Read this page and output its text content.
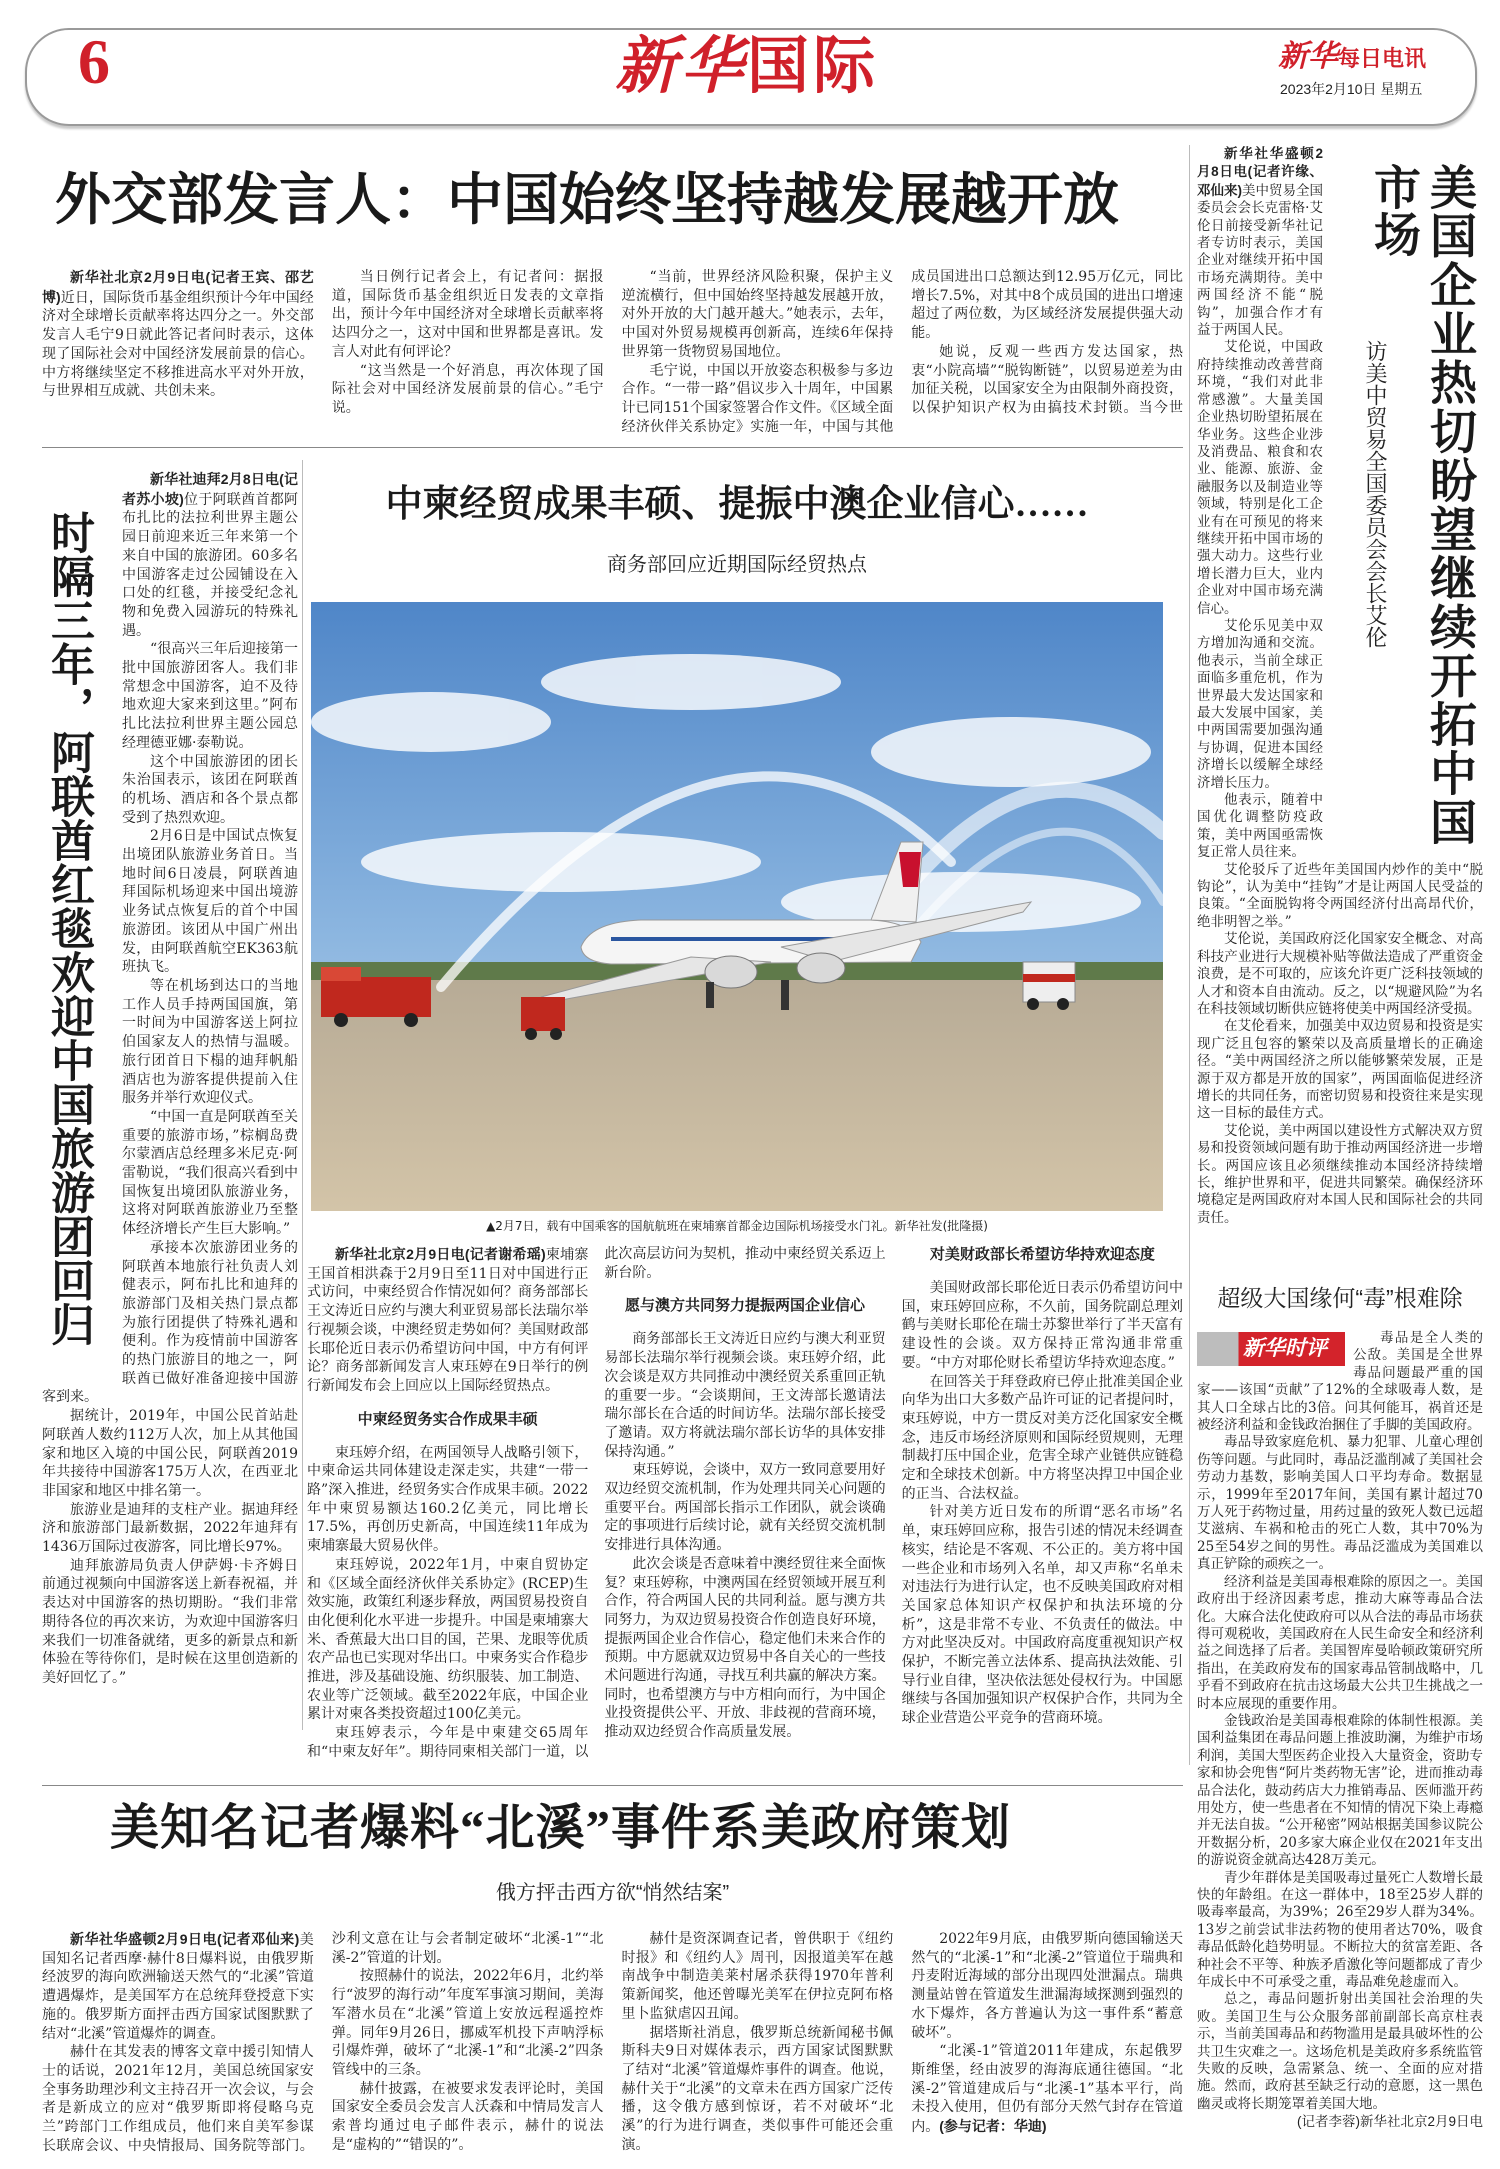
6	新华国际	新华每日电讯
2023年2月10日 星期五
外交部发言人：中国始终坚持越发展越开放

新华社北京2月9日电(记者王宾、邵艺博)近日，国际货币基金组织预计今年中国经济对全球增长贡献率将达四分之一。外交部发言人毛宁9日就此答记者问时表示，这体现了国际社会对中国经济发展前景的信心。中方将继续坚定不移推进高水平对外开放，与世界相互成就、共创未来。

当日例行记者会上，有记者问：据报道，国际货币基金组织近日发表的文章指出，预计今年中国经济对全球增长贡献率将达四分之一，这对中国和世界都是喜讯。发言人对此有何评论？

“这当然是一个好消息，再次体现了国际社会对中国经济发展前景的信心。”毛宁说。

“当前，世界经济风险积聚，保护主义逆流横行，但中国始终坚持越发展越开放，对外开放的大门越开越大。”她表示，去年，中国对外贸易规模再创新高，连续6年保持世界第一货物贸易国地位。

毛宁说，中国以开放姿态积极参与多边合作。“一带一路”倡议步入十周年，中国累计已同151个国家签署合作文件。《区域全面经济伙伴关系协定》实施一年，中国与其他成员国进出口总额达到12.95万亿元，同比增长7.5%，对其中8个成员国的进出口增速超过了两位数，为区域经济发展提供强大动能。

她说，反观一些西方发达国家，热衷“小院高墙”“脱钩断链”，以贸易逆差为由加征关税，以国家安全为由限制外商投资，以保护知识产权为由搞技术封锁。当今世

时隔三年，阿联酋红毯欢迎中国旅游团回归

新华社迪拜2月8日电(记者苏小坡)位于阿联酋首都阿布扎比的法拉利世界主题公园日前迎来近三年来第一个来自中国的旅游团。60多名中国游客走过公园铺设在入口处的红毯，并接受纪念礼物和免费入园游玩的特殊礼遇。

“很高兴三年后迎接第一批中国旅游团客人。我们非常想念中国游客，迫不及待地欢迎大家来到这里。”阿布扎比法拉利世界主题公园总经理德亚娜·泰勒说。

这个中国旅游团的团长朱治国表示，该团在阿联酋的机场、酒店和各个景点都受到了热烈欢迎。

2月6日是中国试点恢复出境团队旅游业务首日。当地时间6日凌晨，阿联酋迪拜国际机场迎来中国出境游业务试点恢复后的首个中国旅游团。该团从中国广州出发，由阿联酋航空EK363航班执飞。

等在机场到达口的当地工作人员手持两国国旗，第一时间为中国游客送上阿拉伯国家友人的热情与温暖。旅行团首日下榻的迪拜帆船酒店也为游客提供提前入住服务并举行欢迎仪式。

“中国一直是阿联酋至关重要的旅游市场，”棕榈岛费尔蒙酒店总经理多米尼克·阿雷勒说，“我们很高兴看到中国恢复出境团队旅游业务，这将对阿联酋旅游业乃至整体经济增长产生巨大影响。”

承接本次旅游团业务的阿联酋本地旅行社负责人刘健表示，阿布扎比和迪拜的旅游部门及相关热门景点都为旅行团提供了特殊礼遇和便利。作为疫情前中国游客的热门旅游目的地之一，阿联酋已做好准备迎接中国游客到来。

据统计，2019年，中国公民首站赴阿联酋人数约112万人次，加上从其他国家和地区入境的中国公民，阿联酋2019年共接待中国游客175万人次，在西亚北非国家和地区中排名第一。

旅游业是迪拜的支柱产业。据迪拜经济和旅游部门最新数据，2022年迪拜有1436万国际过夜游客，同比增长97%。

迪拜旅游局负责人伊萨姆·卡齐姆日前通过视频向中国游客送上新春祝福，并表达对中国游客的热切期盼。“我们非常期待各位的再次来访，为欢迎中国游客归来我们一切准备就绪，更多的新景点和新体验在等待你们，是时候在这里创造新的美好回忆了。”

中柬经贸成果丰硕、提振中澳企业信心……
商务部回应近期国际经贸热点
▲2月7日，载有中国乘客的国航航班在柬埔寨首都金边国际机场接受水门礼。新华社发(批隆摄)

新华社北京2月9日电(记者谢希瑶)柬埔寨王国首相洪森于2月9日至11日对中国进行正式访问，中柬经贸合作情况如何？商务部部长王文涛近日应约与澳大利亚贸易部长法瑞尔举行视频会谈，中澳经贸走势如何？美国财政部长耶伦近日表示仍希望访问中国，中方有何评论？商务部新闻发言人束珏婷在9日举行的例行新闻发布会上回应以上国际经贸热点。

中柬经贸务实合作成果丰硕

束珏婷介绍，在两国领导人战略引领下，中柬命运共同体建设走深走实，共建“一带一路”深入推进，经贸务实合作成果丰硕。2022年中柬贸易额达160.2亿美元，同比增长17.5%，再创历史新高，中国连续11年成为柬埔寨最大贸易伙伴。

束珏婷说，2022年1月，中柬自贸协定和《区域全面经济伙伴关系协定》(RCEP)生效实施，政策红利逐步释放，两国贸易投资自由化便利化水平进一步提升。中国是柬埔寨大米、香蕉最大出口目的国，芒果、龙眼等优质农产品也已实现对华出口。中柬务实合作稳步推进，涉及基础设施、纺织服装、加工制造、农业等广泛领域。截至2022年底，中国企业累计对柬各类投资超过100亿美元。

束珏婷表示，今年是中柬建交65周年和“中柬友好年”。期待同柬相关部门一道，以此次高层访问为契机，推动中柬经贸关系迈上新台阶。

愿与澳方共同努力提振两国企业信心

商务部部长王文涛近日应约与澳大利亚贸易部长法瑞尔举行视频会谈。束珏婷介绍，此次会谈是双方共同推动中澳经贸关系重回正轨的重要一步。“会谈期间，王文涛部长邀请法瑞尔部长在合适的时间访华。法瑞尔部长接受了邀请。双方将就法瑞尔部长访华的具体安排保持沟通。”

束珏婷说，会谈中，双方一致同意要用好双边经贸交流机制，作为处理共同关心问题的重要平台。两国部长指示工作团队，就会谈确定的事项进行后续讨论，就有关经贸交流机制安排进行具体沟通。

此次会谈是否意味着中澳经贸往来全面恢复？束珏婷称，中澳两国在经贸领域开展互利合作，符合两国人民的共同利益。愿与澳方共同努力，为双边贸易投资合作创造良好环境，提振两国企业合作信心，稳定他们未来合作的预期。中方愿就双边贸易中各自关心的一些技术问题进行沟通，寻找互利共赢的解决方案。同时，也希望澳方与中方相向而行，为中国企业投资提供公平、开放、非歧视的营商环境，推动双边经贸合作高质量发展。

对美财政部长希望访华持欢迎态度

美国财政部长耶伦近日表示仍希望访问中国，束珏婷回应称，不久前，国务院副总理刘鹤与美财长耶伦在瑞士苏黎世举行了半天富有建设性的会谈。双方保持正常沟通非常重要。“中方对耶伦财长希望访华持欢迎态度。”

在回答关于拜登政府已停止批准美国企业向华为出口大多数产品许可证的记者提问时，束珏婷说，中方一贯反对美方泛化国家安全概念，违反市场经济原则和国际经贸规则，无理制裁打压中国企业，危害全球产业链供应链稳定和全球技术创新。中方将坚决捍卫中国企业的正当、合法权益。

针对美方近日发布的所谓“恶名市场”名单，束珏婷回应称，报告引述的情况未经调查核实，结论是不客观、不公正的。美方将中国一些企业和市场列入名单，却又声称“名单未对违法行为进行认定，也不反映美国政府对相关国家总体知识产权保护和执法环境的分析”，这是非常不专业、不负责任的做法。中方对此坚决反对。中国政府高度重视知识产权保护，不断完善立法体系、提高执法效能、引导行业自律，坚决依法惩处侵权行为。中国愿继续与各国加强知识产权保护合作，共同为全球企业营造公平竞争的营商环境。

美国企业热切盼望继续开拓中国市场
访美中贸易全国委员会会长艾伦

新华社华盛顿2月8日电(记者许缘、邓仙来)美中贸易全国委员会会长克雷格·艾伦日前接受新华社记者专访时表示，美国企业对继续开拓中国市场充满期待。美中两国经济不能“脱钩”，加强合作才有益于两国人民。

艾伦说，中国政府持续推动改善营商环境，“我们对此非常感激”。大量美国企业热切盼望拓展在华业务。这些企业涉及消费品、粮食和农业、能源、旅游、金融服务以及制造业等领域，特别是化工企业有在可预见的将来继续开拓中国市场的强大动力。这些行业增长潜力巨大，业内企业对中国市场充满信心。

艾伦乐见美中双方增加沟通和交流。他表示，当前全球正面临多重危机，作为世界最大发达国家和最大发展中国家，美中两国需要加强沟通与协调，促进本国经济增长以缓解全球经济增长压力。

他表示，随着中国优化调整防疫政策，美中两国亟需恢复正常人员往来。

艾伦驳斥了近些年美国国内炒作的美中“脱钩论”，认为美中“挂钩”才是让两国人民受益的良策。“全面脱钩将令两国经济付出高昂代价，绝非明智之举。”

艾伦说，美国政府泛化国家安全概念、对高科技产业进行大规模补贴等做法造成了严重资金浪费，是不可取的，应该允许更广泛科技领域的人才和资本自由流动。反之，以“规避风险”为名在科技领域切断供应链将使美中两国经济受损。

在艾伦看来，加强美中双边贸易和投资是实现广泛且包容的繁荣以及高质量增长的正确途径。“美中两国经济之所以能够繁荣发展，正是源于双方都是开放的国家”，两国面临促进经济增长的共同任务，而密切贸易和投资往来是实现这一目标的最佳方式。

艾伦说，美中两国以建设性方式解决双方贸易和投资领域问题有助于推动两国经济进一步增长。两国应该且必须继续推动本国经济持续增长，维护世界和平，促进共同繁荣。确保经济环境稳定是两国政府对本国人民和国际社会的共同责任。

超级大国缘何“毒”根难除
新华时评	毒品是全人类的公敌。美国是全世界毒品问题最严重的国家——该国“贡献”了12%的全球吸毒人数，是其人口全球占比的3倍。问其何能耳，祸首还是被经济利益和金钱政治捆住了手脚的美国政府。

毒品导致家庭危机、暴力犯罪、儿童心理创伤等问题。与此同时，毒品泛滥削减了美国社会劳动力基数，影响美国人口平均寿命。数据显示，1999年至2017年间，美国有累计超过70万人死于药物过量，用药过量的致死人数已远超艾滋病、车祸和枪击的死亡人数，其中70%为25至54岁之间的男性。毒品泛滥成为美国难以真正铲除的顽疾之一。

经济利益是美国毒根难除的原因之一。美国政府出于经济因素考虑，推动大麻等毒品合法化。大麻合法化使政府可以从合法的毒品市场获得可观税收，美国政府在人民生命安全和经济利益之间选择了后者。美国智库曼哈顿政策研究所指出，在美政府发布的国家毒品管制战略中，几乎看不到政府在抗击这场最大公共卫生挑战之一时本应展现的重要作用。

金钱政治是美国毒根难除的体制性根源。美国利益集团在毒品问题上推波助澜，为维护市场利润，美国大型医药企业投入大量资金，资助专家和协会兜售“阿片类药物无害”论，进而推动毒品合法化，鼓动药店大力推销毒品、医师滥开药用处方，使一些患者在不知情的情况下染上毒瘾并无法自拔。“公开秘密”网站根据美国参议院公开数据分析，20多家大麻企业仅在2021年支出的游说资金就高达428万美元。

青少年群体是美国吸毒过量死亡人数增长最快的年龄组。在这一群体中，18至25岁人群的吸毒率最高，为39%；26至29岁人群为34%。13岁之前尝试非法药物的使用者达70%，吸食毒品低龄化趋势明显。不断拉大的贫富差距、各种社会不平等、种族矛盾激化等问题都成了青少年成长中不可承受之重，毒品难免趁虚而入。

总之，毒品问题折射出美国社会治理的失败。美国卫生与公众服务部前副部长高京柱表示，当前美国毒品和药物滥用是最具破坏性的公共卫生灾难之一。这场危机是美政府多系统监管失败的反映，急需紧急、统一、全面的应对措施。然而，政府甚至缺乏行动的意愿，这一黑色幽灵或将长期笼罩着美国大地。

(记者李蓉)新华社北京2月9日电

美知名记者爆料“北溪”事件系美政府策划
俄方抨击西方欲“悄然结案”

新华社华盛顿2月9日电(记者邓仙来)美国知名记者西摩·赫什8日爆料说，由俄罗斯经波罗的海向欧洲输送天然气的“北溪”管道遭遇爆炸，是美国军方在总统拜登授意下实施的。俄罗斯方面抨击西方国家试图默默了结对“北溪”管道爆炸的调查。

赫什在其发表的博客文章中援引知情人士的话说，2021年12月，美国总统国家安全事务助理沙利文主持召开一次会议，与会者是新成立的应对“俄罗斯即将侵略乌克兰”跨部门工作组成员，他们来自美军参谋长联席会议、中央情报局、国务院等部门。沙利文意在让与会者制定破坏“北溪-1”“北溪-2”管道的计划。

按照赫什的说法，2022年6月，北约举行“波罗的海行动”年度军事演习期间，美海军潜水员在“北溪”管道上安放远程遥控炸弹。同年9月26日，挪威军机投下声呐浮标引爆炸弹，破坏了“北溪-1”和“北溪-2”四条管线中的三条。

赫什披露，在被要求发表评论时，美国国家安全委员会发言人沃森和中情局发言人索普均通过电子邮件表示，赫什的说法是“虚构的”“错误的”。

赫什是资深调查记者，曾供职于《纽约时报》和《纽约人》周刊，因报道美军在越南战争中制造美莱村屠杀获得1970年普利策新闻奖，他还曾曝光美军在伊拉克阿布格里卜监狱虐囚丑闻。

据塔斯社消息，俄罗斯总统新闻秘书佩斯科夫9日对媒体表示，西方国家试图默默了结对“北溪”管道爆炸事件的调查。他说，赫什关于“北溪”的文章未在西方国家广泛传播，这令俄方感到惊讶，若不对破坏“北溪”的行为进行调查，类似事件可能还会重演。

2022年9月底，由俄罗斯向德国输送天然气的“北溪-1”和“北溪-2”管道位于瑞典和丹麦附近海域的部分出现四处泄漏点。瑞典测量站曾在管道发生泄漏海域探测到强烈的水下爆炸，各方普遍认为这一事件系“蓄意破坏”。

“北溪-1”管道2011年建成，东起俄罗斯维堡，经由波罗的海海底通往德国。“北溪-2”管道建成后与“北溪-1”基本平行，尚未投入使用，但仍有部分天然气封存在管道内。(参与记者：华迪)
